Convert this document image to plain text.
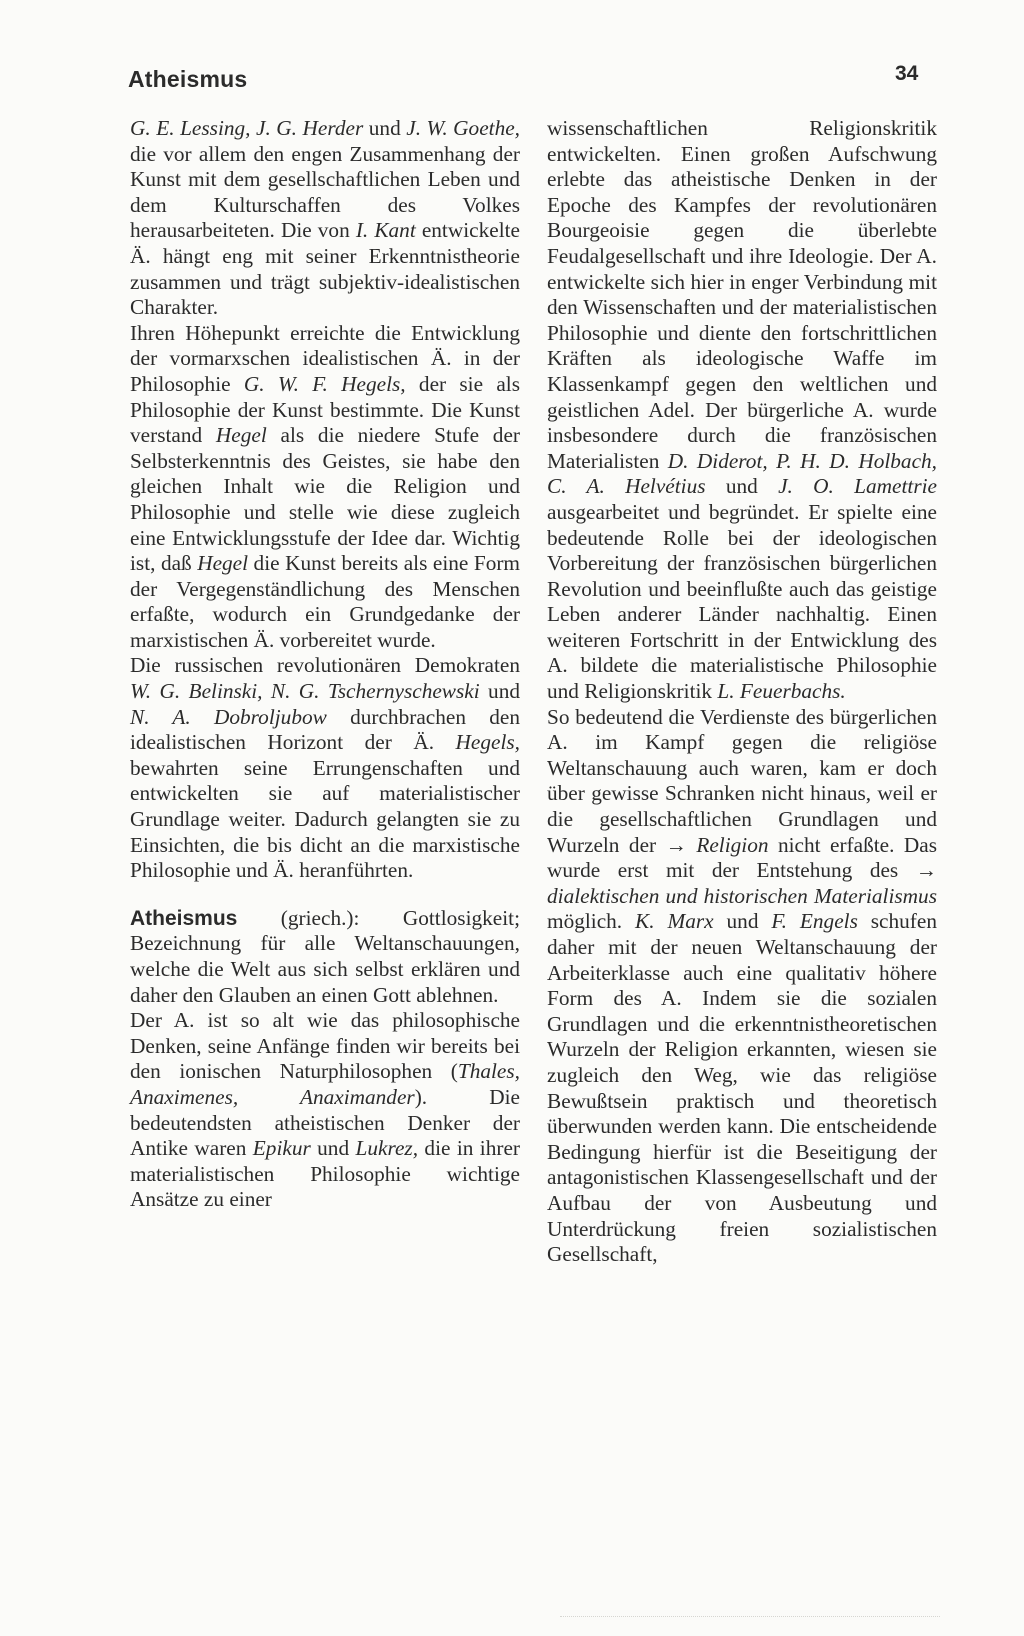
Atheismus	34

G. E. Lessing, J. G. Herder und J. W. Goethe, die vor allem den engen Zusammenhang der Kunst mit dem gesellschaftlichen Leben und dem Kulturschaffen des Volkes herausarbeiteten. Die von I. Kant entwickelte Ä. hängt eng mit seiner Erkenntnistheorie zusammen und trägt subjektiv-idealistischen Charakter.

Ihren Höhepunkt erreichte die Entwicklung der vormarxschen idealistischen Ä. in der Philosophie G. W. F. Hegels, der sie als Philosophie der Kunst bestimmte. Die Kunst verstand Hegel als die niedere Stufe der Selbsterkenntnis des Geistes, sie habe den gleichen Inhalt wie die Religion und Philosophie und stelle wie diese zugleich eine Entwicklungsstufe der Idee dar. Wichtig ist, daß Hegel die Kunst bereits als eine Form der Vergegenständlichung des Menschen erfaßte, wodurch ein Grundgedanke der marxistischen Ä. vorbereitet wurde.

Die russischen revolutionären Demokraten W. G. Belinski, N. G. Tschernyschewski und N. A. Dobroljubow durchbrachen den idealistischen Horizont der Ä. Hegels, bewahrten seine Errungenschaften und entwickelten sie auf materialistischer Grundlage weiter. Dadurch gelangten sie zu Einsichten, die bis dicht an die marxistische Philosophie und Ä. heranführten.

Atheismus (griech.): Gottlosigkeit; Bezeichnung für alle Weltanschauungen, welche die Welt aus sich selbst erklären und daher den Glauben an einen Gott ablehnen.

Der A. ist so alt wie das philosophische Denken, seine Anfänge finden wir bereits bei den ionischen Naturphilosophen (Thales, Anaximenes, Anaximander). Die bedeutendsten atheistischen Denker der Antike waren Epikur und Lukrez, die in ihrer materialistischen Philosophie wichtige Ansätze zu einer

wissenschaftlichen Religionskritik entwickelten. Einen großen Aufschwung erlebte das atheistische Denken in der Epoche des Kampfes der revolutionären Bourgeoisie gegen die überlebte Feudalgesellschaft und ihre Ideologie. Der A. entwickelte sich hier in enger Verbindung mit den Wissenschaften und der materialistischen Philosophie und diente den fortschrittlichen Kräften als ideologische Waffe im Klassenkampf gegen den weltlichen und geistlichen Adel. Der bürgerliche A. wurde insbesondere durch die französischen Materialisten D. Diderot, P. H. D. Holbach, C. A. Helvétius und J. O. Lamettrie ausgearbeitet und begründet. Er spielte eine bedeutende Rolle bei der ideologischen Vorbereitung der französischen bürgerlichen Revolution und beeinflußte auch das geistige Leben anderer Länder nachhaltig. Einen weiteren Fortschritt in der Entwicklung des A. bildete die materialistische Philosophie und Religionskritik L. Feuerbachs.

So bedeutend die Verdienste des bürgerlichen A. im Kampf gegen die religiöse Weltanschauung auch waren, kam er doch über gewisse Schranken nicht hinaus, weil er die gesellschaftlichen Grundlagen und Wurzeln der → Religion nicht erfaßte. Das wurde erst mit der Entstehung des → dialektischen und historischen Materialismus möglich. K. Marx und F. Engels schufen daher mit der neuen Weltanschauung der Arbeiterklasse auch eine qualitativ höhere Form des A. Indem sie die sozialen Grundlagen und die erkenntnistheoretischen Wurzeln der Religion erkannten, wiesen sie zugleich den Weg, wie das religiöse Bewußtsein praktisch und theoretisch überwunden werden kann. Die entscheidende Bedingung hierfür ist die Beseitigung der antagonistischen Klassengesellschaft und der Aufbau der von Ausbeutung und Unterdrückung freien sozialistischen Gesellschaft,
